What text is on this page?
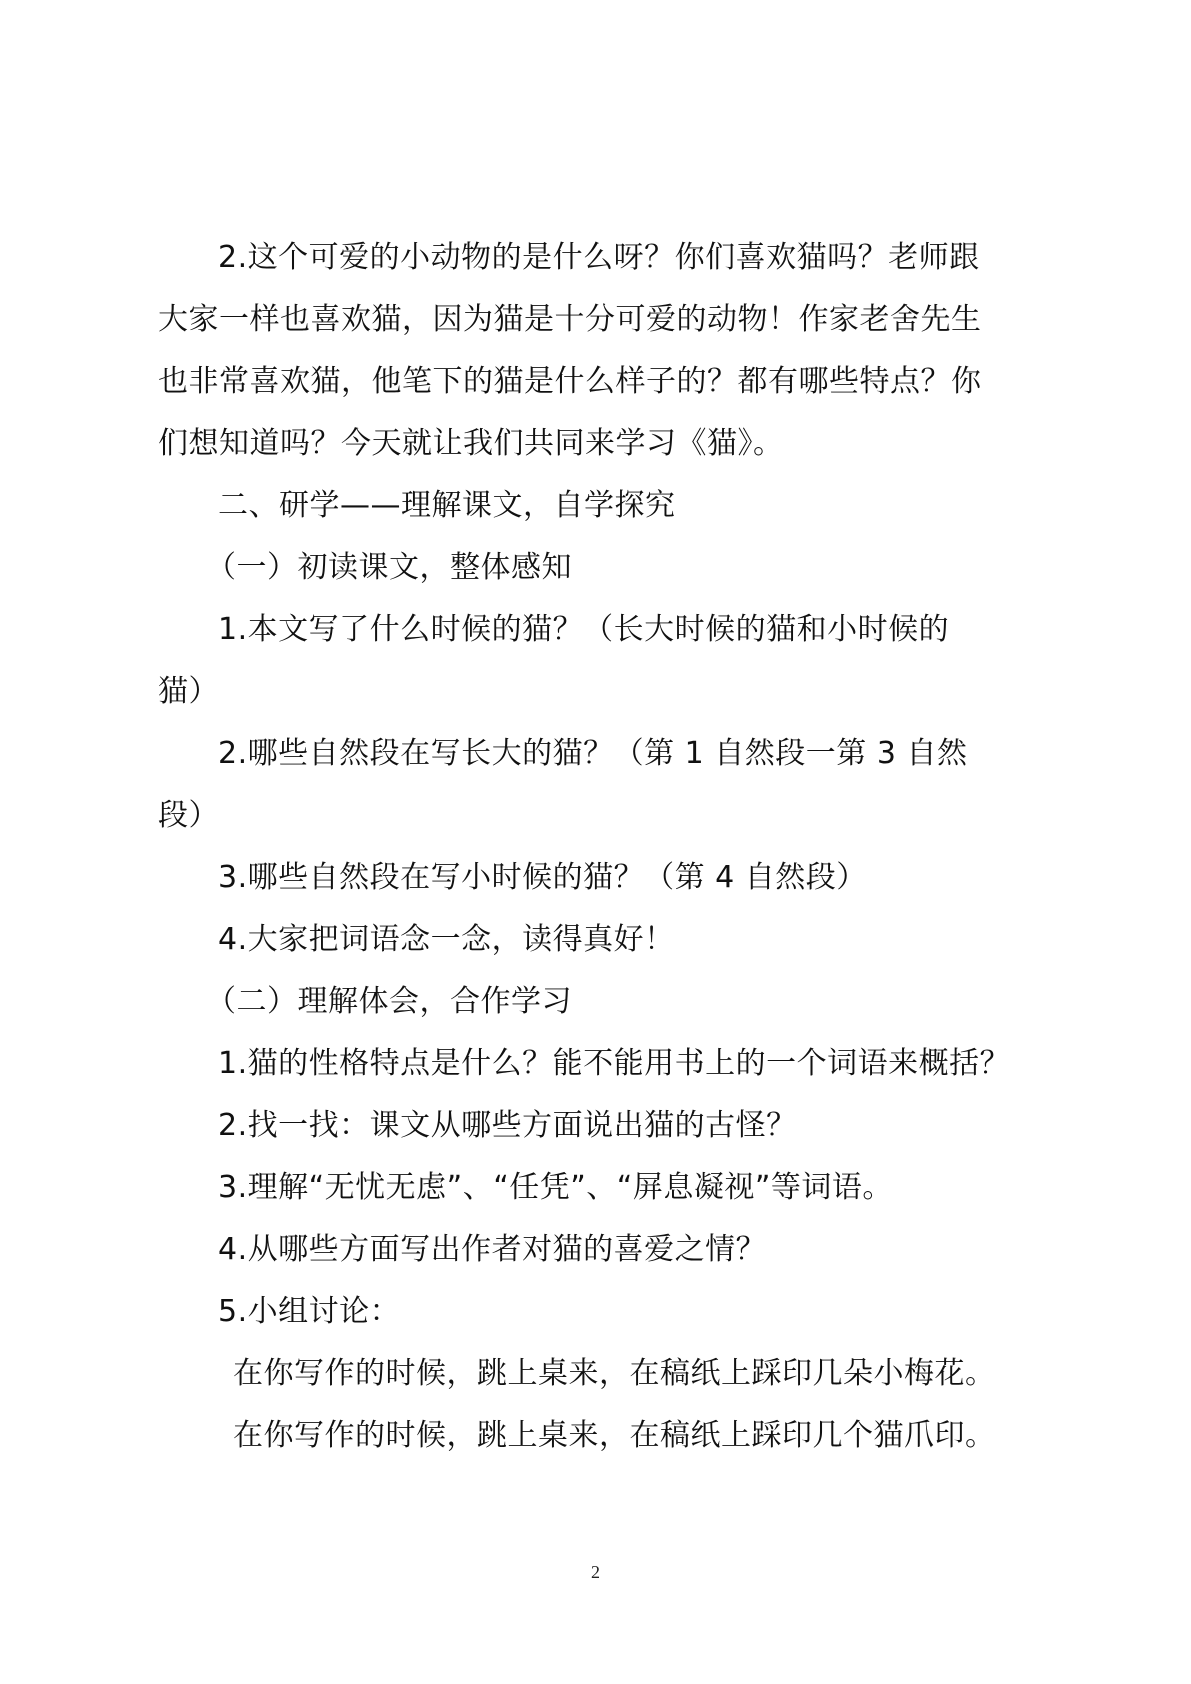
2.这个可爱的小动物的是什么呀？你们喜欢猫吗？老师跟
大家一样也喜欢猫，因为猫是十分可爱的动物！作家老舍先生
也非常喜欢猫，他笔下的猫是什么样子的？都有哪些特点？你
们想知道吗？今天就让我们共同来学习《猫》。
二、研学——理解课文，自学探究
（一）初读课文，整体感知
1.本文写了什么时候的猫？（长大时候的猫和小时候的
猫）
2.哪些自然段在写长大的猫？（第 1 自然段一第 3 自然
段）
3.哪些自然段在写小时候的猫？（第 4 自然段）
4.大家把词语念一念，读得真好！
（二）理解体会，合作学习
1.猫的性格特点是什么？能不能用书上的一个词语来概括？
2.找一找：课文从哪些方面说出猫的古怪？
3.理解“无忧无虑”、“任凭”、“屏息凝视”等词语。
4.从哪些方面写出作者对猫的喜爱之情？
5.小组讨论：
在你写作的时候，跳上桌来，在稿纸上踩印几朵小梅花。
在你写作的时候，跳上桌来，在稿纸上踩印几个猫爪印。
2
